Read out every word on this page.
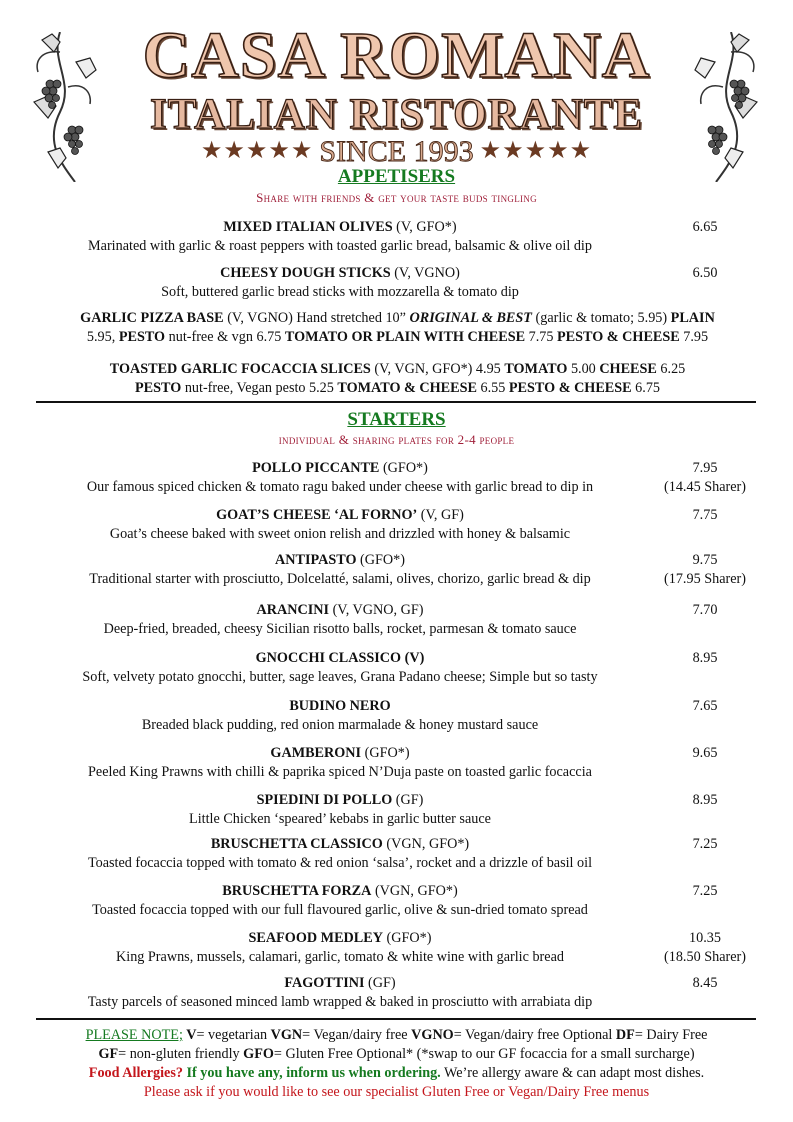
CASA ROMANA
ITALIAN RISTORANTE
★★★★★ SINCE 1993 ★★★★★
APPETISERS
Share with friends & get your taste buds tingling
MIXED ITALIAN OLIVES (V, GFO*)
Marinated with garlic & roast peppers with toasted garlic bread, balsamic & olive oil dip
6.65
CHEESY DOUGH STICKS (V, VGNO)
Soft, buttered garlic bread sticks with mozzarella & tomato dip
6.50
GARLIC PIZZA BASE (V, VGNO) Hand stretched 10” ORIGINAL & BEST (garlic & tomato; 5.95) PLAIN
5.95, PESTO nut-free & vgn 6.75 TOMATO OR PLAIN WITH CHEESE 7.75 PESTO & CHEESE 7.95
TOASTED GARLIC FOCACCIA SLICES (V, VGN, GFO*) 4.95 TOMATO 5.00 CHEESE 6.25
PESTO nut-free, Vegan pesto 5.25 TOMATO & CHEESE 6.55 PESTO & CHEESE 6.75
STARTERS
individual & sharing plates for 2-4 people
POLLO PICCANTE (GFO*)
Our famous spiced chicken & tomato ragu baked under cheese with garlic bread to dip in
7.95
(14.45 Sharer)
GOAT’S CHEESE ‘AL FORNO’ (V, GF)
Goat’s cheese baked with sweet onion relish and drizzled with honey & balsamic
7.75
ANTIPASTO (GFO*)
Traditional starter with prosciutto, Dolcelatté, salami, olives, chorizo, garlic bread & dip
9.75
(17.95 Sharer)
ARANCINI (V, VGNO, GF)
Deep-fried, breaded, cheesy Sicilian risotto balls, rocket, parmesan & tomato sauce
7.70
GNOCCHI CLASSICO (V)
Soft, velvety potato gnocchi, butter, sage leaves, Grana Padano cheese; Simple but so tasty
8.95
BUDINO NERO
Breaded black pudding, red onion marmalade & honey mustard sauce
7.65
GAMBERONI (GFO*)
Peeled King Prawns with chilli & paprika spiced N’Duja paste on toasted garlic focaccia
9.65
SPIEDINI DI POLLO (GF)
Little Chicken ‘speared’ kebabs in garlic butter sauce
8.95
BRUSCHETTA CLASSICO (VGN, GFO*)
Toasted focaccia topped with tomato & red onion ‘salsa’, rocket and a drizzle of basil oil
7.25
BRUSCHETTA FORZA (VGN, GFO*)
Toasted focaccia topped with our full flavoured garlic, olive & sun-dried tomato spread
7.25
SEAFOOD MEDLEY (GFO*)
King Prawns, mussels, calamari, garlic, tomato & white wine with garlic bread
10.35
(18.50 Sharer)
FAGOTTINI (GF)
Tasty parcels of seasoned minced lamb wrapped & baked in prosciutto with arrabiata dip
8.45
PLEASE NOTE; V= vegetarian VGN= Vegan/dairy free VGNO= Vegan/dairy free Optional DF= Dairy Free
GF= non-gluten friendly GFO= Gluten Free Optional* (*swap to our GF focaccia for a small surcharge)
Food Allergies? If you have any, inform us when ordering. We’re allergy aware & can adapt most dishes.
Please ask if you would like to see our specialist Gluten Free or Vegan/Dairy Free menus
